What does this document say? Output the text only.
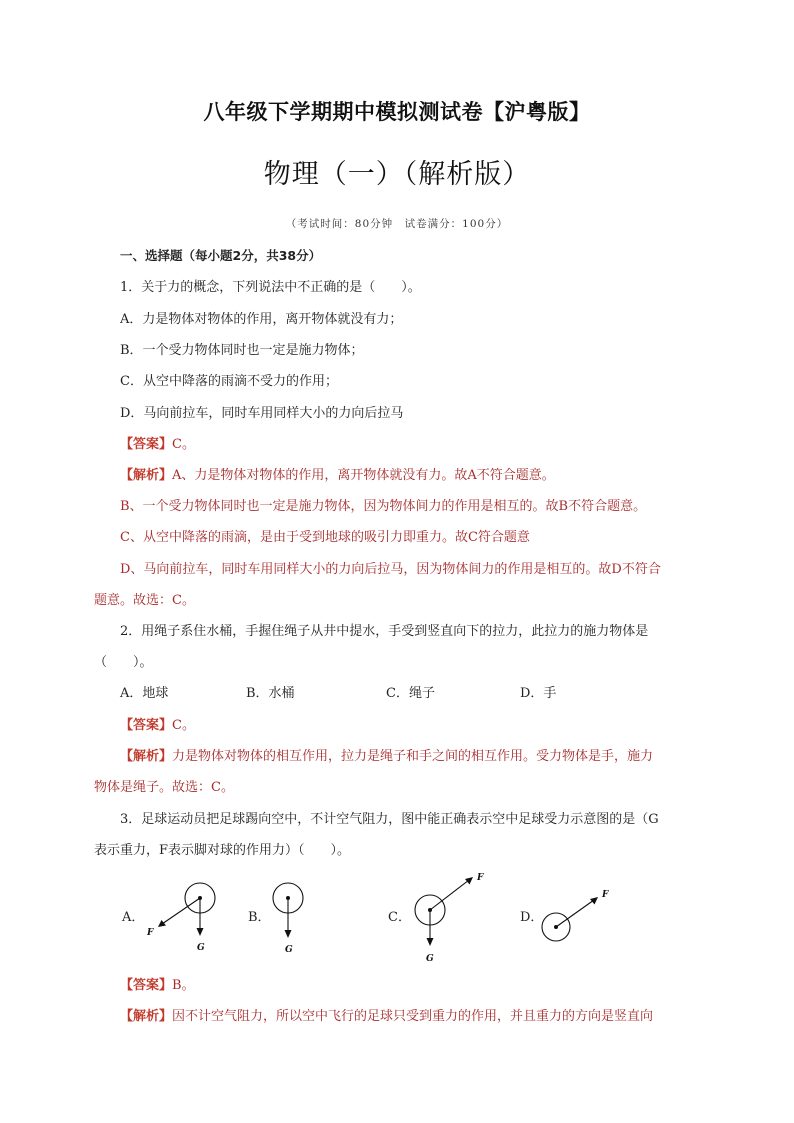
八年级下学期期中模拟测试卷【沪粤版】
物理（一）（解析版）
（考试时间：80分钟　试卷满分：100分）
一、选择题（每小题2分，共38分）
1．关于力的概念，下列说法中不正确的是（　　）。
A．力是物体对物体的作用，离开物体就没有力；
B．一个受力物体同时也一定是施力物体；
C．从空中降落的雨滴不受力的作用；
D．马向前拉车，同时车用同样大小的力向后拉马
【答案】C。
【解析】A、力是物体对物体的作用，离开物体就没有力。故A不符合题意。
B、一个受力物体同时也一定是施力物体，因为物体间力的作用是相互的。故B不符合题意。
C、从空中降落的雨滴，是由于受到地球的吸引力即重力。故C符合题意
D、马向前拉车，同时车用同样大小的力向后拉马，因为物体间力的作用是相互的。故D不符合
题意。故选：C。
2．用绳子系住水桶，手握住绳子从井中提水，手受到竖直向下的拉力，此拉力的施力物体是
（　　）。
A．地球	B．水桶	C．绳子	D．手
【答案】C。
【解析】力是物体对物体的相互作用，拉力是绳子和手之间的相互作用。受力物体是手，施力
物体是绳子。故选：C。
3．足球运动员把足球踢向空中，不计空气阻力，图中能正确表示空中足球受力示意图的是（G
表示重力，F表示脚对球的作用力）（　　）。
A．	B．	C．	D．
F
G	G
F
G
F
【答案】B。
【解析】因不计空气阻力，所以空中飞行的足球只受到重力的作用，并且重力的方向是竖直向
